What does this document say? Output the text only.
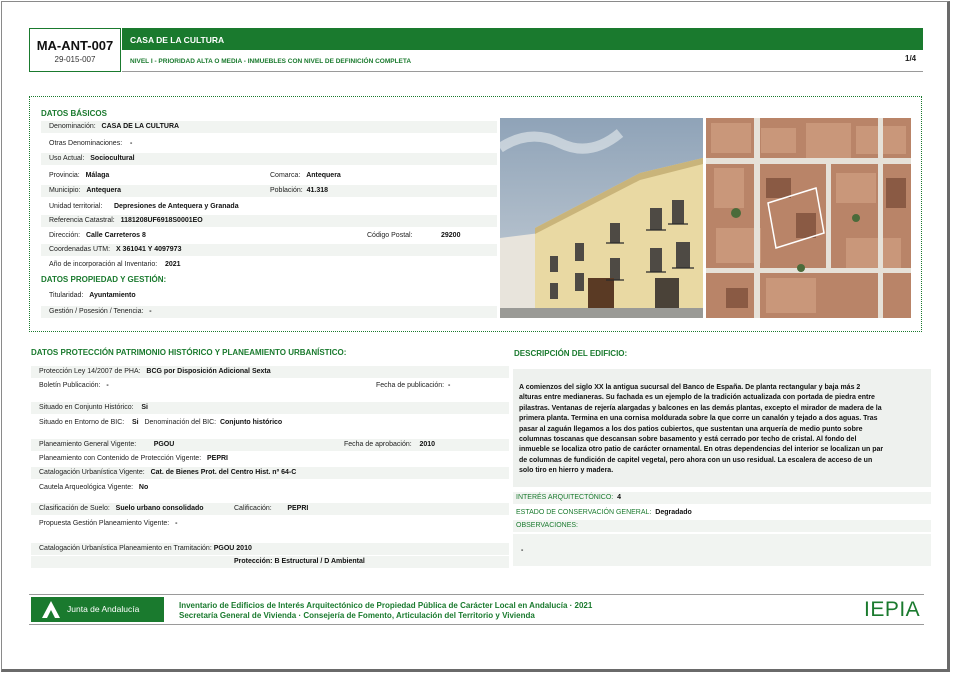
MA-ANT-007
29-015-007
CASA DE LA CULTURA
NIVEL I - PRIORIDAD ALTA O MEDIA - INMUEBLES CON NIVEL DE DEFINICIÓN COMPLETA	1/4
DATOS BÁSICOS
Denominación: CASA DE LA CULTURA
Otras Denominaciones: -
Uso Actual: Sociocultural
Provincia: Málaga	Comarca: Antequera
Municipio: Antequera	Población: 41.318
Unidad territorial: Depresiones de Antequera y Granada
Referencia Catastral: 1181208UF6918S0001EO
Dirección: Calle Carreteros 8	Código Postal:	29200
Coordenadas UTM: X 361041 Y 4097973
Año de incorporación al Inventario: 2021
DATOS PROPIEDAD Y GESTIÓN:
Titularidad: Ayuntamiento
Gestión / Posesión / Tenencia: -
DATOS PROTECCIÓN PATRIMONIO HISTÓRICO Y PLANEAMIENTO URBANÍSTICO:
Protección Ley 14/2007 de PHA: BCG por Disposición Adicional Sexta
Boletín Publicación: -	Fecha de publicación: -
Situado en Conjunto Histórico: Si
Situado en Entorno de BIC: Si Denominación del BIC: Conjunto histórico
Planeamiento General Vigente:	PGOU	Fecha de aprobación: 2010
Planeamiento con Contenido de Protección Vigente: PEPRI
Catalogación Urbanística Vigente: Cat. de Bienes Prot. del Centro Hist. nº 64-C
Cautela Arqueológica Vigente: No
Clasificación de Suelo: Suelo urbano consolidado	Calificación: PEPRI
Propuesta Gestión Planeamiento Vigente: -
Catalogación Urbanística Planeamiento en Tramitación: PGOU 2010
Protección: B Estructural / D Ambiental
DESCRIPCIÓN DEL EDIFICIO:
A comienzos del siglo XX la antigua sucursal del Banco de España. De planta rectangular y baja más 2
alturas entre medianeras. Su fachada es un ejemplo de la tradición actualizada con portada de piedra entre
pilastras. Ventanas de rejería alargadas y balcones en las demás plantas, excepto el mirador de madera de la
primera planta. Termina en una cornisa moldurada sobre la que corre un canalón y tejado a dos aguas. Tras
pasar al zaguán llegamos a los dos patios cubiertos, que sustentan una arquería de medio punto sobre
columnas toscanas que descansan sobre basamento y está cerrado por techo de cristal. Al fondo del
inmueble se localiza otro patio de carácter ornamental. En otras dependencias del interior se localizan un par
de columnas de fundición de capitel vegetal, pero ahora con un uso residual. La escalera de acceso de un
solo tiro en hierro y madera.
INTERÉS ARQUITECTÓNICO: 4
ESTADO DE CONSERVACIÓN GENERAL: Degradado
OBSERVACIONES:
-
Junta de Andalucía	Inventario de Edificios de Interés Arquitectónico de Propiedad Pública de Carácter Local en Andalucía · 2021
Secretaría General de Vivienda · Consejería de Fomento, Articulación del Territorio y Vivienda	IEPIA
